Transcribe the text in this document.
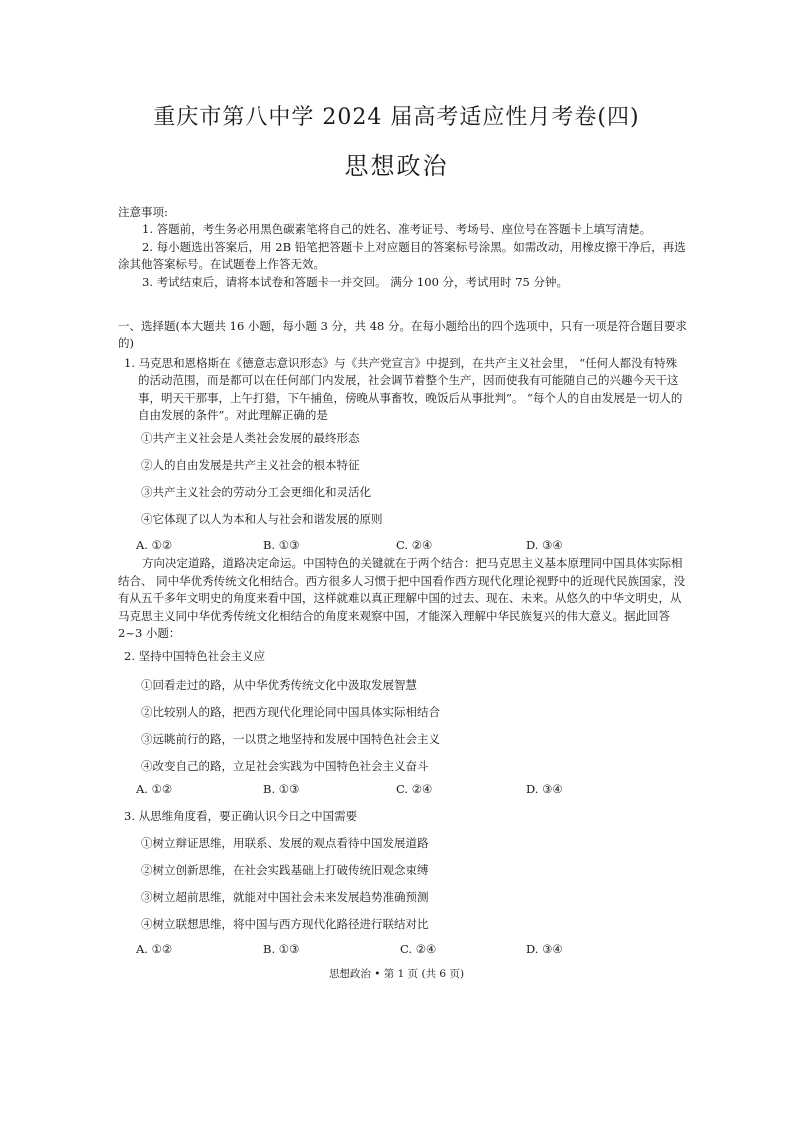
重庆市第八中学 2024 届高考适应性月考卷(四)
思想政治

注意事项:

1. 答题前，考生务必用黑色碳素笔将自己的姓名、准考证号、考场号、座位号在答题卡上填写清楚。

2. 每小题选出答案后，用 2B 铅笔把答题卡上对应题目的答案标号涂黑。如需改动，用橡皮擦干净后，再选涂其他答案标号。在试题卷上作答无效。

3. 考试结束后，请将本试卷和答题卡一并交回。 满分 100 分，考试用时 75 分钟。

一、选择题(本大题共 16 小题，每小题 3 分，共 48 分。在每小题给出的四个选项中，只有一项是符合题目要求的)

1. 马克思和恩格斯在《德意志意识形态》与《共产党宣言》中提到，在共产主义社会里， “任何人都没有特殊的活动范围，而是都可以在任何部门内发展，社会调节着整个生产，因而使我有可能随自己的兴趣今天干这事，明天干那事，上午打猎，下午捕鱼，傍晚从事畜牧，晚饭后从事批判”。 “每个人的自由发展是一切人的自由发展的条件”。对此理解正确的是

①共产主义社会是人类社会发展的最终形态
②人的自由发展是共产主义社会的根本特征
③共产主义社会的劳动分工会更细化和灵活化
④它体现了以人为本和人与社会和谐发展的原则
A. ①②	B. ①③	C. ②④	D. ③④

方向决定道路，道路决定命运。中国特色的关键就在于两个结合：把马克思主义基本原理同中国具体实际相结合、 同中华优秀传统文化相结合。西方很多人习惯于把中国看作西方现代化理论视野中的近现代民族国家，没有从五千多年文明史的角度来看中国，这样就难以真正理解中国的过去、现在、未来。从悠久的中华文明史，从马克思主义同中华优秀传统文化相结合的角度来观察中国，才能深入理解中华民族复兴的伟大意义。据此回答 2~3 小题：

2. 坚持中国特色社会主义应

①回看走过的路，从中华优秀传统文化中汲取发展智慧
②比较别人的路，把西方现代化理论同中国具体实际相结合
③远眺前行的路，一以贯之地坚持和发展中国特色社会主义
④改变自己的路，立足社会实践为中国特色社会主义奋斗
A. ①②	B. ①③	C. ②④	D. ③④

3. 从思维角度看，要正确认识今日之中国需要

①树立辩证思维，用联系、发展的观点看待中国发展道路
②树立创新思维，在社会实践基础上打破传统旧观念束缚
③树立超前思维，就能对中国社会未来发展趋势准确预测
④树立联想思维，将中国与西方现代化路径进行联结对比
A. ①②	B. ①③	C. ②④	D. ③④
思想政治 • 第 1 页 (共 6 页)
